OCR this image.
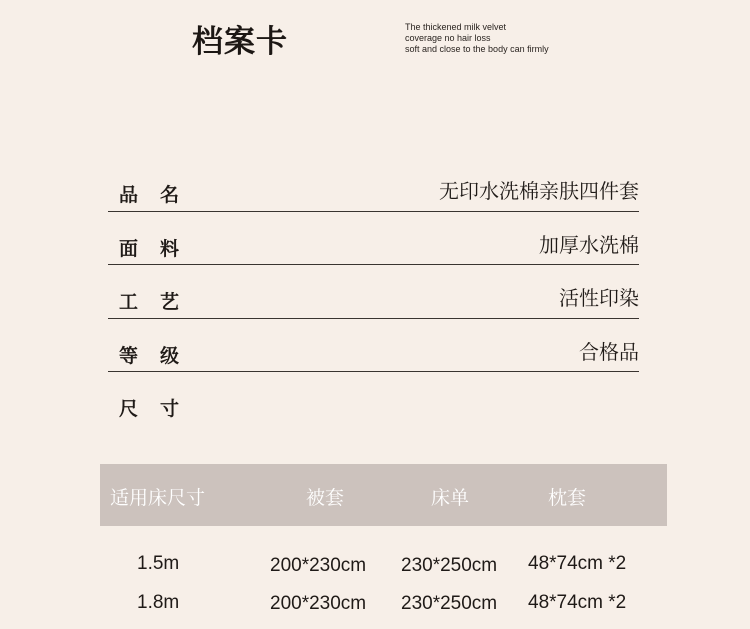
档案卡	The thickened milk velvet
coverage no hair loss
soft and close to the body can firmly
品名	无印水洗棉亲肤四件套
面料	加厚水洗棉
工艺	活性印染
等级	合格品
尺寸
适用床尺寸	被套	床单	枕套
1.5m	200*230cm 230*250cm 48*74cm *2
1.8m	200*230cm 230*250cm 48*74cm *2
